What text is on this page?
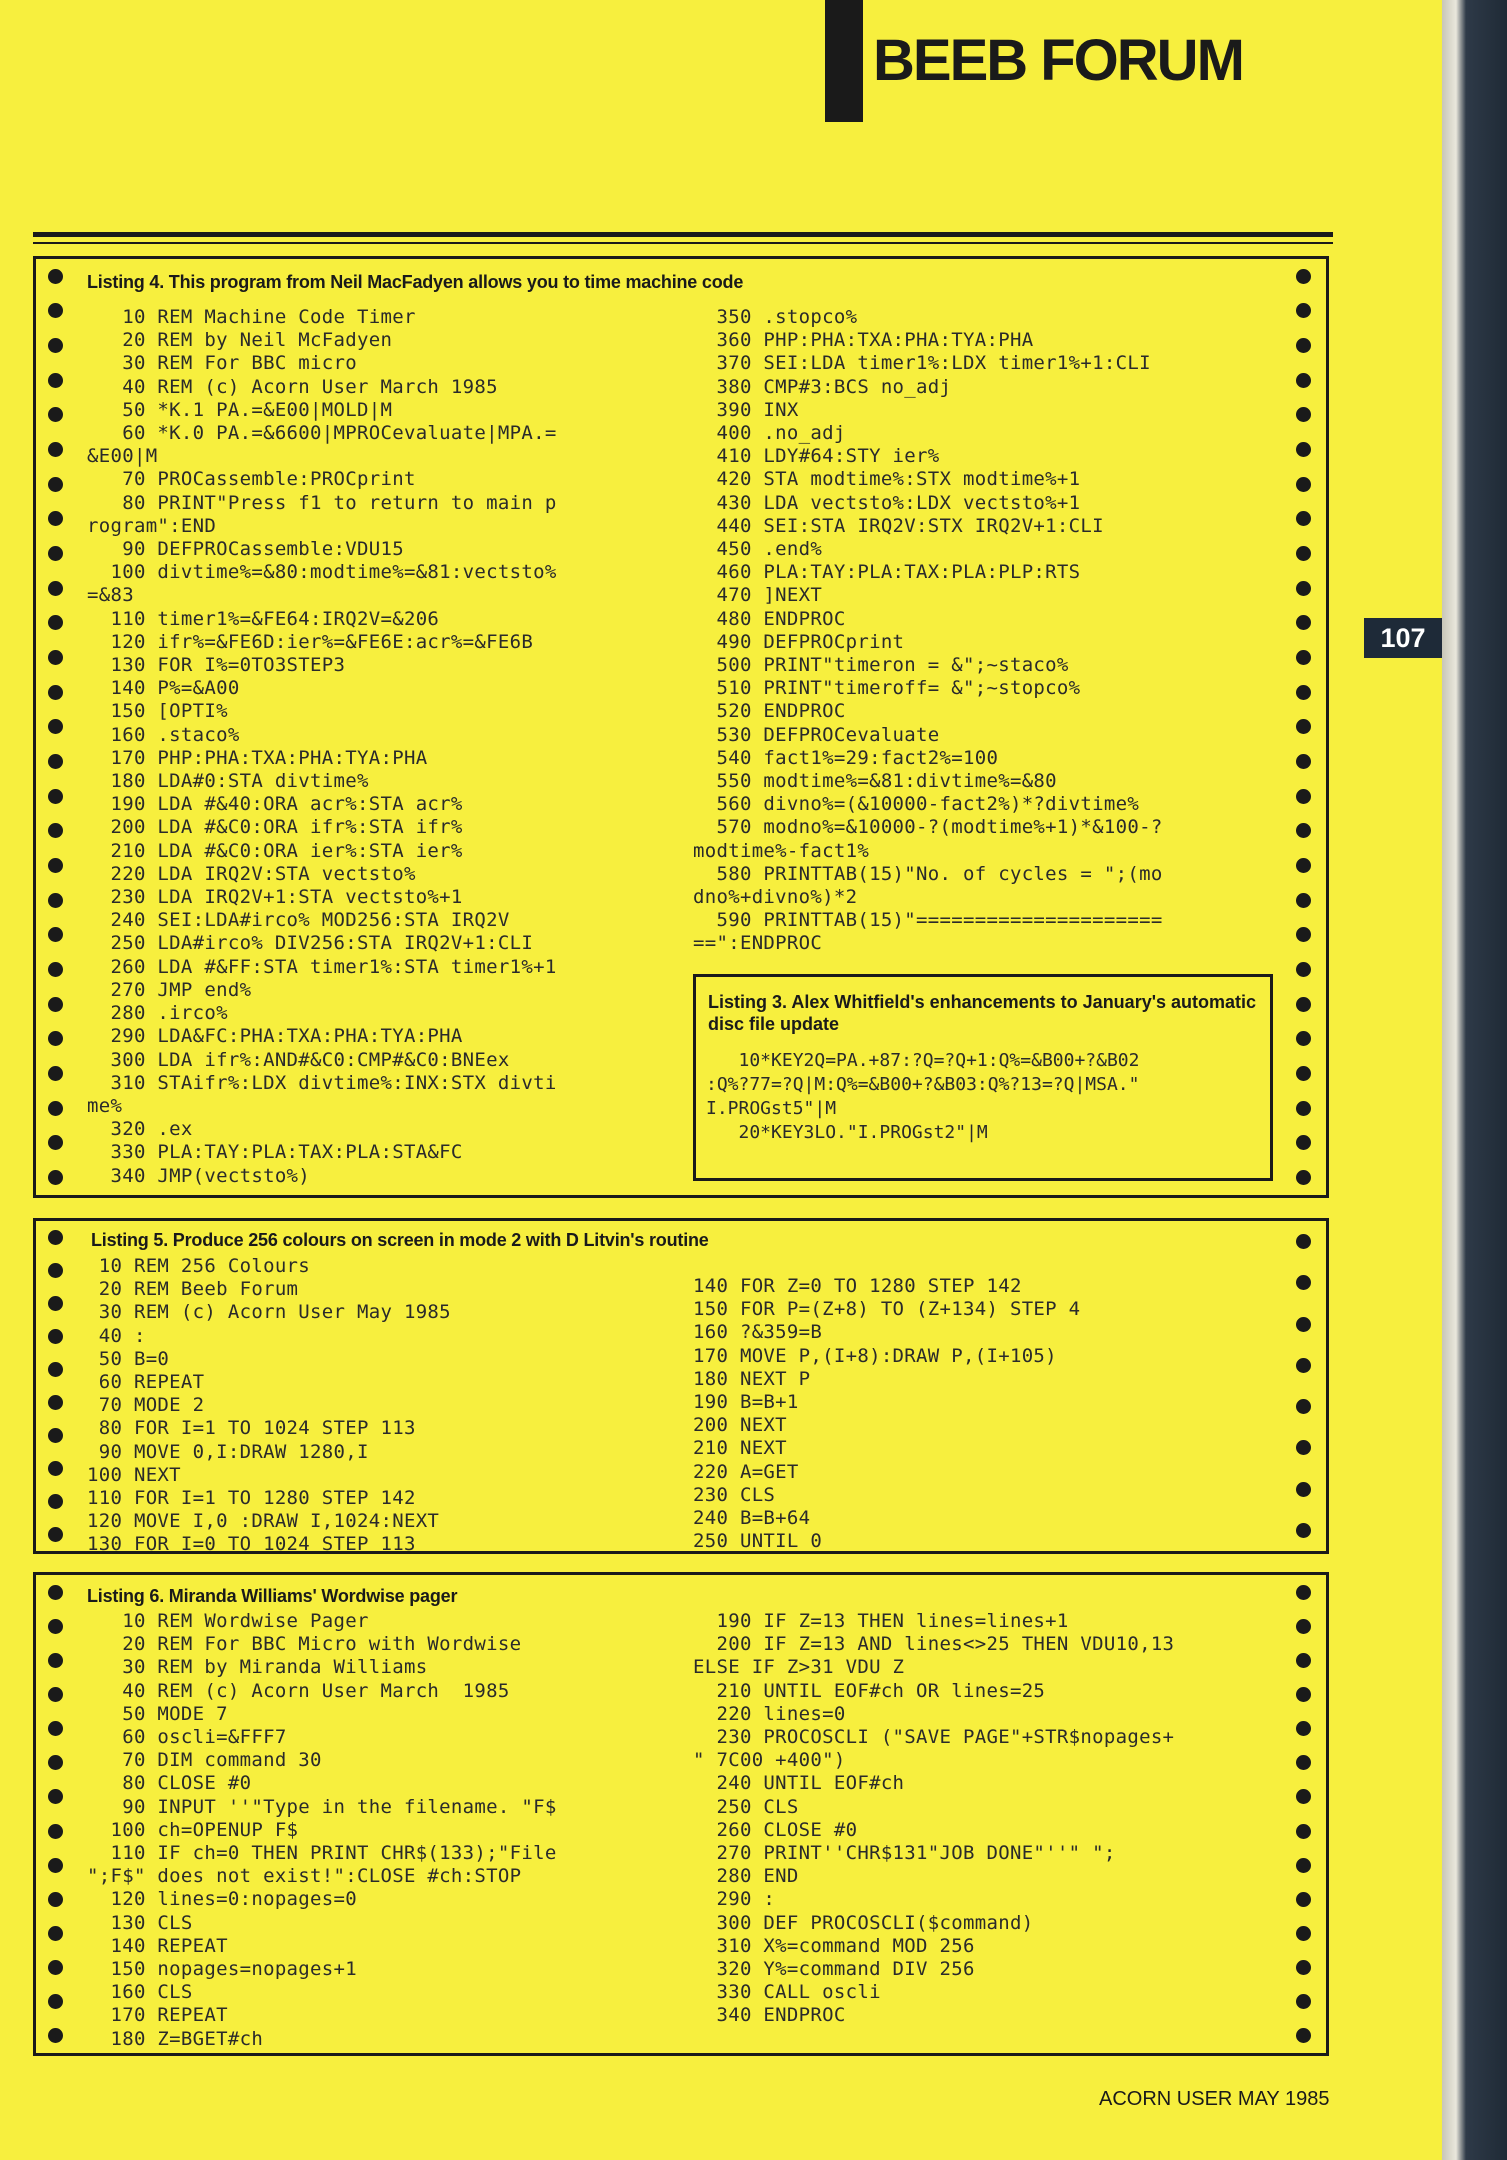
BEEB FORUM
107
Listing 4. This program from Neil MacFadyen allows you to time machine code
10 REM Machine Code Timer
20 REM by Neil McFadyen
30 REM For BBC micro
40 REM (c) Acorn User March 1985
50 *K.1 PA.=&E00|MOLD|M
60 *K.0 PA.=&6600|MPROCevaluate|MPA.=
&E00|M
70 PROCassemble:PROCprint
80 PRINT"Press f1 to return to main p
rogram":END
90 DEFPROCassemble:VDU15
100 divtime%=&80:modtime%=&81:vectsto%
=&83
110 timer1%=&FE64:IRQ2V=&206
120 ifr%=&FE6D:ier%=&FE6E:acr%=&FE6B
130 FOR I%=0TO3STEP3
140 P%=&A00
150 [OPTI%
160 .staco%
170 PHP:PHA:TXA:PHA:TYA:PHA
180 LDA#0:STA divtime%
190 LDA #&40:ORA acr%:STA acr%
200 LDA #&C0:ORA ifr%:STA ifr%
210 LDA #&C0:ORA ier%:STA ier%
220 LDA IRQ2V:STA vectsto%
230 LDA IRQ2V+1:STA vectsto%+1
240 SEI:LDA#irco% MOD256:STA IRQ2V
250 LDA#irco% DIV256:STA IRQ2V+1:CLI
260 LDA #&FF:STA timer1%:STA timer1%+1
270 JMP end%
280 .irco%
290 LDA&FC:PHA:TXA:PHA:TYA:PHA
300 LDA ifr%:AND#&C0:CMP#&C0:BNEex
310 STAifr%:LDX divtime%:INX:STX divti
me%
320 .ex
330 PLA:TAY:PLA:TAX:PLA:STA&FC
340 JMP(vectsto%)
350 .stopco%
360 PHP:PHA:TXA:PHA:TYA:PHA
370 SEI:LDA timer1%:LDX timer1%+1:CLI
380 CMP#3:BCS no_adj
390 INX
400 .no_adj
410 LDY#64:STY ier%
420 STA modtime%:STX modtime%+1
430 LDA vectsto%:LDX vectsto%+1
440 SEI:STA IRQ2V:STX IRQ2V+1:CLI
450 .end%
460 PLA:TAY:PLA:TAX:PLA:PLP:RTS
470 ]NEXT
480 ENDPROC
490 DEFPROCprint
500 PRINT"timeron = &";~staco%
510 PRINT"timeroff= &";~stopco%
520 ENDPROC
530 DEFPROCevaluate
540 fact1%=29:fact2%=100
550 modtime%=&81:divtime%=&80
560 divno%=(&10000-fact2%)*?divtime%
570 modno%=&10000-?(modtime%+1)*&100-?
modtime%-fact1%
580 PRINTTAB(15)"No. of cycles = ";(mo
dno%+divno%)*2
590 PRINTTAB(15)"=====================
==":ENDPROC
Listing 3. Alex Whitfield's enhancements to January's automatic disc file update
10*KEY2Q=PA.+87:?Q=?Q+1:Q%=&B00+?&B02
:Q%?77=?Q|M:Q%=&B00+?&B03:Q%?13=?Q|MSA."
I.PROGst5"|M
20*KEY3LO."I.PROGst2"|M
Listing 5. Produce 256 colours on screen in mode 2 with D Litvin's routine
10 REM 256 Colours
20 REM Beeb Forum
30 REM (c) Acorn User May 1985
40 :
50 B=0
60 REPEAT
70 MODE 2
80 FOR I=1 TO 1024 STEP 113
90 MOVE 0,I:DRAW 1280,I
100 NEXT
110 FOR I=1 TO 1280 STEP 142
120 MOVE I,0 :DRAW I,1024:NEXT
130 FOR I=0 TO 1024 STEP 113
140 FOR Z=0 TO 1280 STEP 142
150 FOR P=(Z+8) TO (Z+134) STEP 4
160 ?&359=B
170 MOVE P,(I+8):DRAW P,(I+105)
180 NEXT P
190 B=B+1
200 NEXT
210 NEXT
220 A=GET
230 CLS
240 B=B+64
250 UNTIL 0
Listing 6. Miranda Williams' Wordwise pager
10 REM Wordwise Pager
20 REM For BBC Micro with Wordwise
30 REM by Miranda Williams
40 REM (c) Acorn User March  1985
50 MODE 7
60 oscli=&FFF7
70 DIM command 30
80 CLOSE #0
90 INPUT ''"Type in the filename. "F$
100 ch=OPENUP F$
110 IF ch=0 THEN PRINT CHR$(133);"File
";F$" does not exist!":CLOSE #ch:STOP
120 lines=0:nopages=0
130 CLS
140 REPEAT
150 nopages=nopages+1
160 CLS
170 REPEAT
180 Z=BGET#ch
190 IF Z=13 THEN lines=lines+1
200 IF Z=13 AND lines<>25 THEN VDU10,13
ELSE IF Z>31 VDU Z
210 UNTIL EOF#ch OR lines=25
220 lines=0
230 PROCOSCLI ("SAVE PAGE"+STR$nopages+
" 7C00 +400")
240 UNTIL EOF#ch
250 CLS
260 CLOSE #0
270 PRINT''CHR$131"JOB DONE"''" ";
280 END
290 :
300 DEF PROCOSCLI($command)
310 X%=command MOD 256
320 Y%=command DIV 256
330 CALL oscli
340 ENDPROC
ACORN USER MAY 1985
